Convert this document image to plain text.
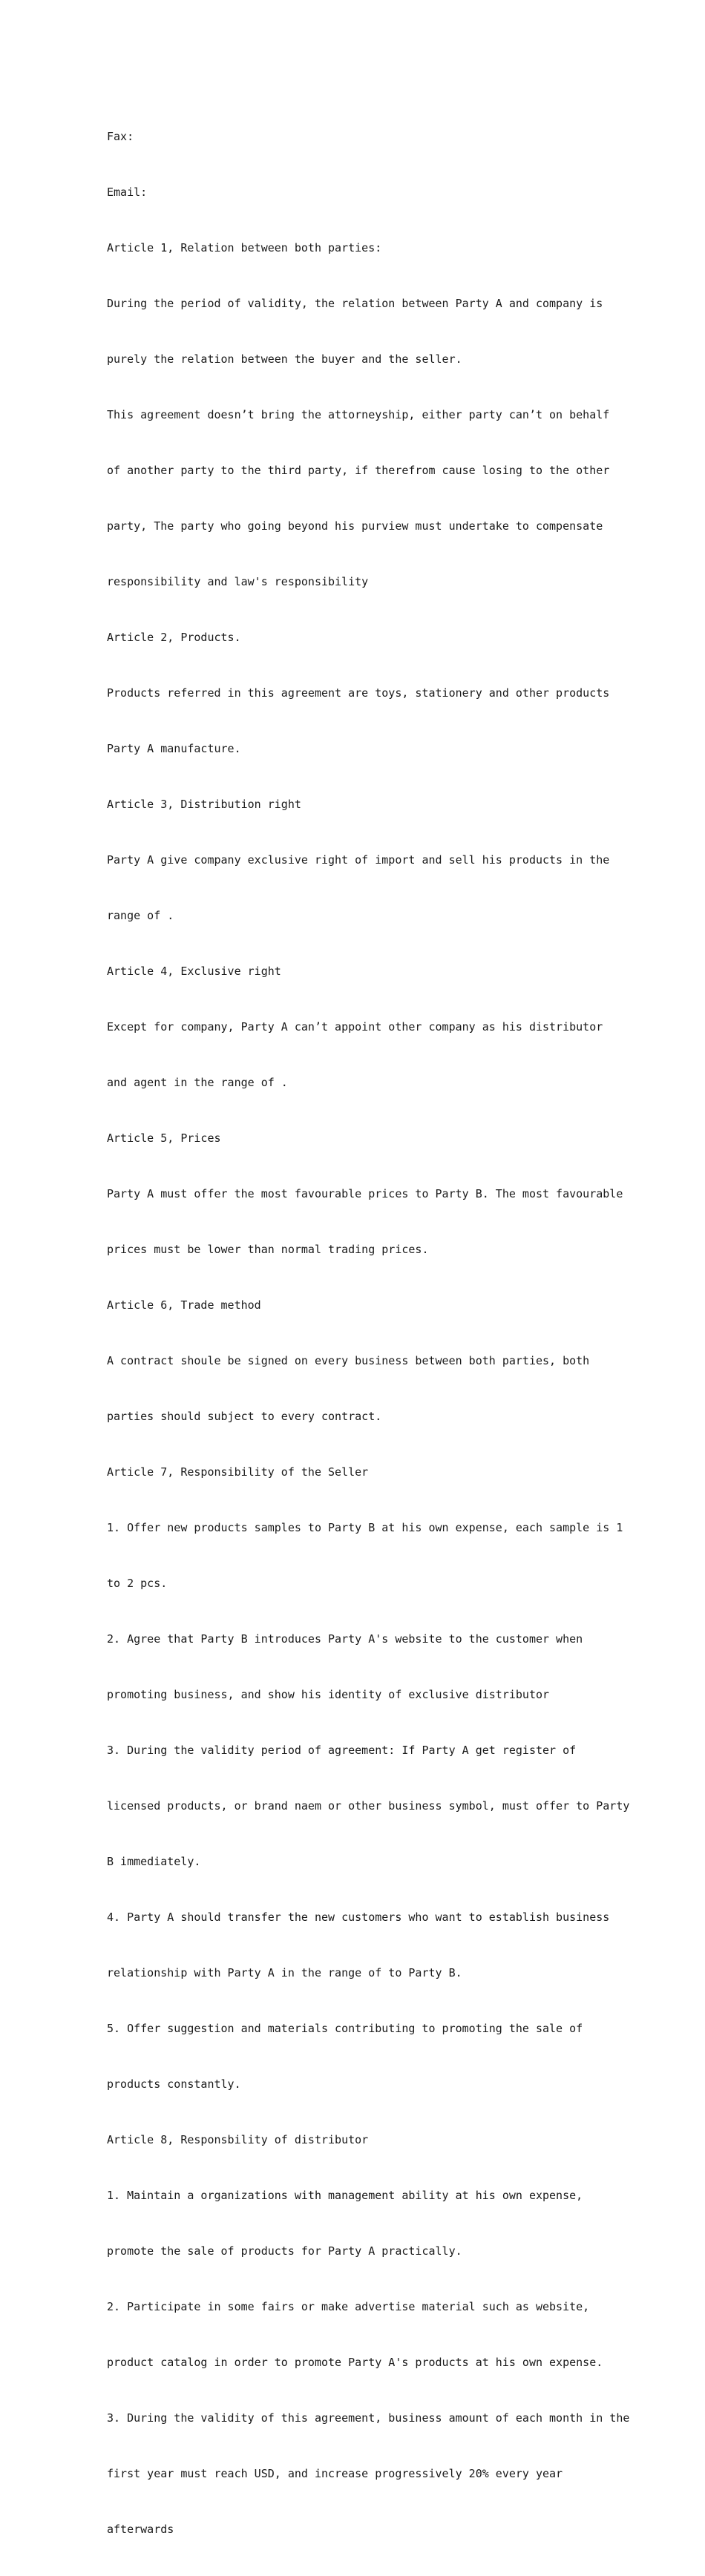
Fax:

Email:

Article 1, Relation between both parties:

During the period of validity, the relation between Party A and company is

purely the relation between the buyer and the seller.

This agreement doesn’t bring the attorneyship, either party can’t on behalf

of another party to the third party, if therefrom cause losing to the other

party, The party who going beyond his purview must undertake to compensate

responsibility and law's responsibility

Article 2, Products.

Products referred in this agreement are toys, stationery and other products

Party A manufacture.

Article 3, Distribution right

Party A give company exclusive right of import and sell his products in the

range of .

Article 4, Exclusive right

Except for company, Party A can’t appoint other company as his distributor

and agent in the range of .

Article 5, Prices

Party A must offer the most favourable prices to Party B. The most favourable

prices must be lower than normal trading prices.

Article 6, Trade method

A contract shoule be signed on every business between both parties, both

parties should subject to every contract.

Article 7, Responsibility of the Seller

1. Offer new products samples to Party B at his own expense, each sample is 1

to 2 pcs.

2. Agree that Party B introduces Party A's website to the customer when

promoting business, and show his identity of exclusive distributor

3. During the validity period of agreement: If Party A get register of

licensed products, or brand naem or other business symbol, must offer to Party

B immediately.

4. Party A should transfer the new customers who want to establish business

relationship with Party A in the range of to Party B.

5. Offer suggestion and materials contributing to promoting the sale of

products constantly.

Article 8, Responsbility of distributor

1. Maintain a organizations with management ability at his own expense,

promote the sale of products for Party A practically.

2. Participate in some fairs or make advertise material such as website,

product catalog in order to promote Party A's products at his own expense.

3. During the validity of this agreement, business amount of each month in the

first year must reach USD, and increase progressively 20% every year

afterwards
